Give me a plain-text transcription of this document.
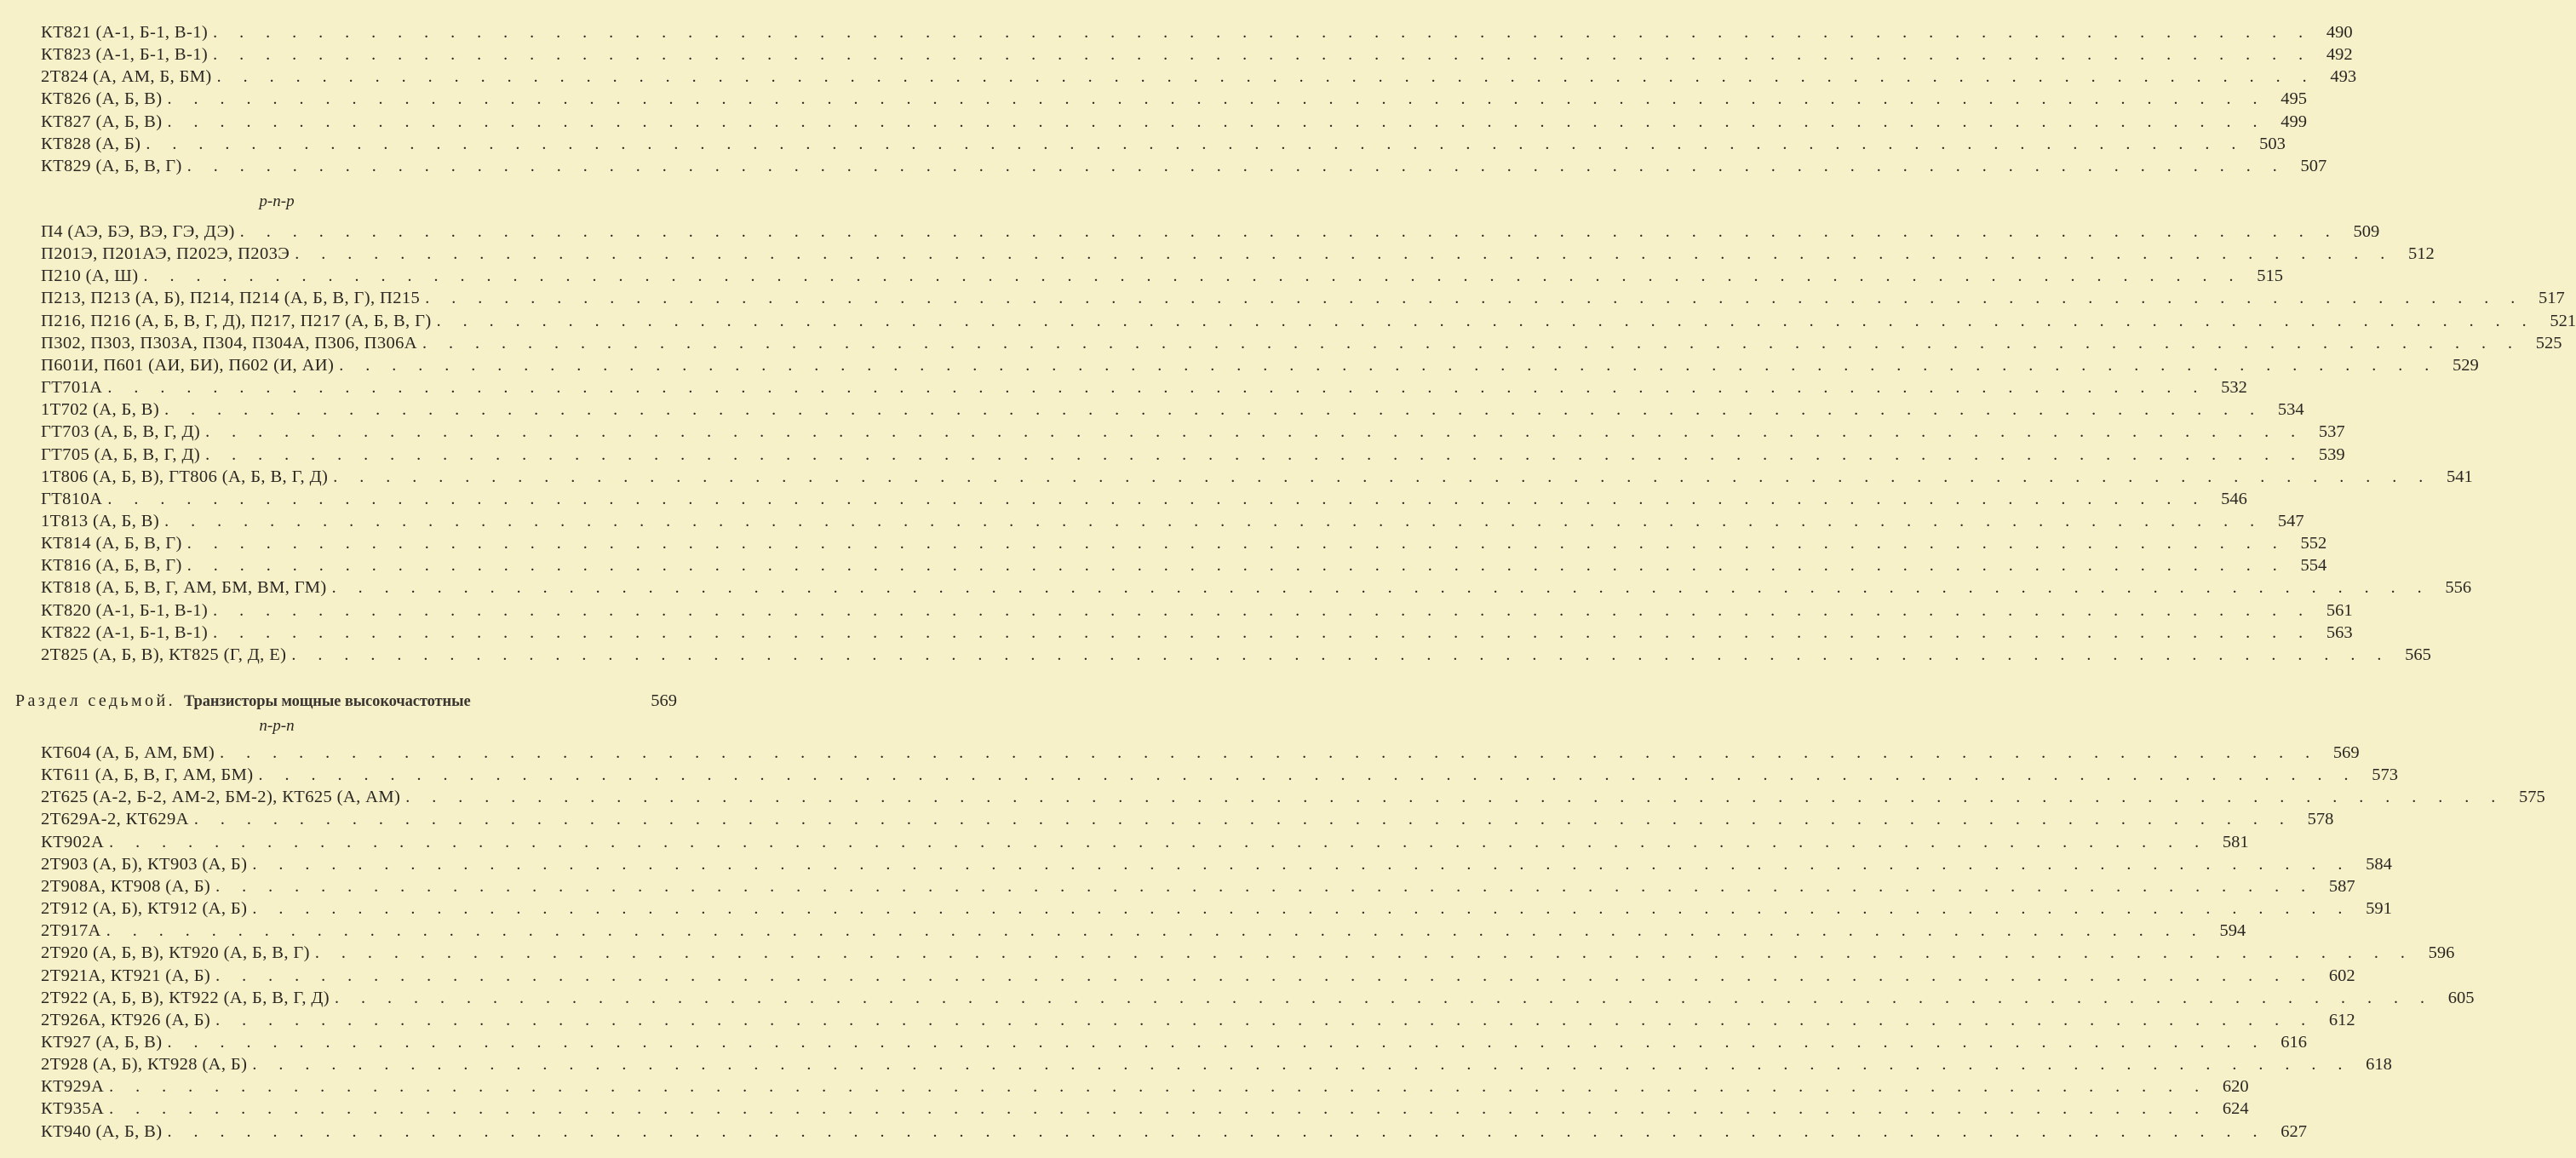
КТ821 (А-1, Б-1, В-1) . . . . . . . . . . . . . . . . . . . . . . . . . . . . . . . . . . . . . . . . . . . . . . . . . . . . . . . . . . . . . . . . . . . . . . . . . . . . . . . . 490
КТ823 (А-1, Б-1, В-1) . . . . . . . . . . . . . . . . . . . . . . . . . . . . . . . . . . . . . . . . . . . . . . . . . . . . . . . . . . . . . . . . . . . . . . . . . . . . . . . . 492
2Т824 (А, АМ, Б, БМ) . . . . . . . . . . . . . . . . . . . . . . . . . . . . . . . . . . . . . . . . . . . . . . . . . . . . . . . . . . . . . . . . . . . . . . . . . . . . . . . . 493
КТ826 (А, Б, В) . . . . . . . . . . . . . . . . . . . . . . . . . . . . . . . . . . . . . . . . . . . . . . . . . . . . . . . . . . . . . . . . . . . . . . . . . . . . . . . . 495
КТ827 (А, Б, В) . . . . . . . . . . . . . . . . . . . . . . . . . . . . . . . . . . . . . . . . . . . . . . . . . . . . . . . . . . . . . . . . . . . . . . . . . . . . . . . . 499
КТ828 (А, Б) . . . . . . . . . . . . . . . . . . . . . . . . . . . . . . . . . . . . . . . . . . . . . . . . . . . . . . . . . . . . . . . . . . . . . . . . . . . . . . . . 503
КТ829 (А, Б, В, Г) . . . . . . . . . . . . . . . . . . . . . . . . . . . . . . . . . . . . . . . . . . . . . . . . . . . . . . . . . . . . . . . . . . . . . . . . . . . . . . . . 507
p-n-p
П4 (АЭ, БЭ, ВЭ, ГЭ, ДЭ) . . . . . . . . . . . . . . . . . . . . . . . . . . . . . . . . . . . . . . . . . . . . . . . . . . . . . . . . . . . . . . . . . . . . . . . . . . . . . . . . 509
П201Э, П201АЭ, П202Э, П203Э . . . . . . . . . . . . . . . . . . . . . . . . . . . . . . . . . . . . . . . . . . . . . . . . . . . . . . . . . . . . . . . . . . . . . . . . . . . . . . . . 512
П210 (А, Ш) . . . . . . . . . . . . . . . . . . . . . . . . . . . . . . . . . . . . . . . . . . . . . . . . . . . . . . . . . . . . . . . . . . . . . . . . . . . . . . . . 515
П213, П213 (А, Б), П214, П214 (А, Б, В, Г), П215 . . . . . . . . . . . . . . . . . . . . . . . . . . . . . . . . . . . . . . . . . . . . . . . . . . . . . . . . . . . . . . . . . . . . . . . . . . . . . . . . 517
П216, П216 (А, Б, В, Г, Д), П217, П217 (А, Б, В, Г) . . . . . . . . . . . . . . . . . . . . . . . . . . . . . . . . . . . . . . . . . . . . . . . . . . . . . . . . . . . . . . . . . . . . . . . . . . . . . . . . 521
П302, П303, П303А, П304, П304А, П306, П306А . . . . . . . . . . . . . . . . . . . . . . . . . . . . . . . . . . . . . . . . . . . . . . . . . . . . . . . . . . . . . . . . . . . . . . . . . . . . . . . . 525
П601И, П601 (АИ, БИ), П602 (И, АИ) . . . . . . . . . . . . . . . . . . . . . . . . . . . . . . . . . . . . . . . . . . . . . . . . . . . . . . . . . . . . . . . . . . . . . . . . . . . . . . . . 529
ГТ701А . . . . . . . . . . . . . . . . . . . . . . . . . . . . . . . . . . . . . . . . . . . . . . . . . . . . . . . . . . . . . . . . . . . . . . . . . . . . . . . . 532
1Т702 (А, Б, В) . . . . . . . . . . . . . . . . . . . . . . . . . . . . . . . . . . . . . . . . . . . . . . . . . . . . . . . . . . . . . . . . . . . . . . . . . . . . . . . . 534
ГТ703 (А, Б, В, Г, Д) . . . . . . . . . . . . . . . . . . . . . . . . . . . . . . . . . . . . . . . . . . . . . . . . . . . . . . . . . . . . . . . . . . . . . . . . . . . . . . . . 537
ГТ705 (А, Б, В, Г, Д) . . . . . . . . . . . . . . . . . . . . . . . . . . . . . . . . . . . . . . . . . . . . . . . . . . . . . . . . . . . . . . . . . . . . . . . . . . . . . . . . 539
1Т806 (А, Б, В), ГТ806 (А, Б, В, Г, Д) . . . . . . . . . . . . . . . . . . . . . . . . . . . . . . . . . . . . . . . . . . . . . . . . . . . . . . . . . . . . . . . . . . . . . . . . . . . . . . . . 541
ГТ810А . . . . . . . . . . . . . . . . . . . . . . . . . . . . . . . . . . . . . . . . . . . . . . . . . . . . . . . . . . . . . . . . . . . . . . . . . . . . . . . . 546
1Т813 (А, Б, В) . . . . . . . . . . . . . . . . . . . . . . . . . . . . . . . . . . . . . . . . . . . . . . . . . . . . . . . . . . . . . . . . . . . . . . . . . . . . . . . . 547
КТ814 (А, Б, В, Г) . . . . . . . . . . . . . . . . . . . . . . . . . . . . . . . . . . . . . . . . . . . . . . . . . . . . . . . . . . . . . . . . . . . . . . . . . . . . . . . . 552
КТ816 (А, Б, В, Г) . . . . . . . . . . . . . . . . . . . . . . . . . . . . . . . . . . . . . . . . . . . . . . . . . . . . . . . . . . . . . . . . . . . . . . . . . . . . . . . . 554
КТ818 (А, Б, В, Г, АМ, БМ, ВМ, ГМ) . . . . . . . . . . . . . . . . . . . . . . . . . . . . . . . . . . . . . . . . . . . . . . . . . . . . . . . . . . . . . . . . . . . . . . . . . . . . . . . . 556
КТ820 (А-1, Б-1, В-1) . . . . . . . . . . . . . . . . . . . . . . . . . . . . . . . . . . . . . . . . . . . . . . . . . . . . . . . . . . . . . . . . . . . . . . . . . . . . . . . . 561
КТ822 (А-1, Б-1, В-1) . . . . . . . . . . . . . . . . . . . . . . . . . . . . . . . . . . . . . . . . . . . . . . . . . . . . . . . . . . . . . . . . . . . . . . . . . . . . . . . . 563
2Т825 (А, Б, В), КТ825 (Г, Д, Е) . . . . . . . . . . . . . . . . . . . . . . . . . . . . . . . . . . . . . . . . . . . . . . . . . . . . . . . . . . . . . . . . . . . . . . . . . . . . . . . . 565
Раздел седьмой. Транзисторы мощные высокочастотные	569
n-p-n
КТ604 (А, Б, АМ, БМ) . . . . . . . . . . . . . . . . . . . . . . . . . . . . . . . . . . . . . . . . . . . . . . . . . . . . . . . . . . . . . . . . . . . . . . . . . . . . . . . . 569
КТ611 (А, Б, В, Г, АМ, БМ) . . . . . . . . . . . . . . . . . . . . . . . . . . . . . . . . . . . . . . . . . . . . . . . . . . . . . . . . . . . . . . . . . . . . . . . . . . . . . . . . 573
2Т625 (А-2, Б-2, АМ-2, БМ-2), КТ625 (А, АМ) . . . . . . . . . . . . . . . . . . . . . . . . . . . . . . . . . . . . . . . . . . . . . . . . . . . . . . . . . . . . . . . . . . . . . . . . . . . . . . . . 575
2Т629А-2, КТ629А . . . . . . . . . . . . . . . . . . . . . . . . . . . . . . . . . . . . . . . . . . . . . . . . . . . . . . . . . . . . . . . . . . . . . . . . . . . . . . . . 578
КТ902А . . . . . . . . . . . . . . . . . . . . . . . . . . . . . . . . . . . . . . . . . . . . . . . . . . . . . . . . . . . . . . . . . . . . . . . . . . . . . . . . 581
2Т903 (А, Б), КТ903 (А, Б) . . . . . . . . . . . . . . . . . . . . . . . . . . . . . . . . . . . . . . . . . . . . . . . . . . . . . . . . . . . . . . . . . . . . . . . . . . . . . . . . 584
2Т908А, КТ908 (А, Б) . . . . . . . . . . . . . . . . . . . . . . . . . . . . . . . . . . . . . . . . . . . . . . . . . . . . . . . . . . . . . . . . . . . . . . . . . . . . . . . . 587
2Т912 (А, Б), КТ912 (А, Б) . . . . . . . . . . . . . . . . . . . . . . . . . . . . . . . . . . . . . . . . . . . . . . . . . . . . . . . . . . . . . . . . . . . . . . . . . . . . . . . . 591
2Т917А . . . . . . . . . . . . . . . . . . . . . . . . . . . . . . . . . . . . . . . . . . . . . . . . . . . . . . . . . . . . . . . . . . . . . . . . . . . . . . . . 594
2Т920 (А, Б, В), КТ920 (А, Б, В, Г) . . . . . . . . . . . . . . . . . . . . . . . . . . . . . . . . . . . . . . . . . . . . . . . . . . . . . . . . . . . . . . . . . . . . . . . . . . . . . . . . 596
2Т921А, КТ921 (А, Б) . . . . . . . . . . . . . . . . . . . . . . . . . . . . . . . . . . . . . . . . . . . . . . . . . . . . . . . . . . . . . . . . . . . . . . . . . . . . . . . . 602
2Т922 (А, Б, В), КТ922 (А, Б, В, Г, Д) . . . . . . . . . . . . . . . . . . . . . . . . . . . . . . . . . . . . . . . . . . . . . . . . . . . . . . . . . . . . . . . . . . . . . . . . . . . . . . . . 605
2Т926А, КТ926 (А, Б) . . . . . . . . . . . . . . . . . . . . . . . . . . . . . . . . . . . . . . . . . . . . . . . . . . . . . . . . . . . . . . . . . . . . . . . . . . . . . . . . 612
КТ927 (А, Б, В) . . . . . . . . . . . . . . . . . . . . . . . . . . . . . . . . . . . . . . . . . . . . . . . . . . . . . . . . . . . . . . . . . . . . . . . . . . . . . . . . 616
2Т928 (А, Б), КТ928 (А, Б) . . . . . . . . . . . . . . . . . . . . . . . . . . . . . . . . . . . . . . . . . . . . . . . . . . . . . . . . . . . . . . . . . . . . . . . . . . . . . . . . 618
КТ929А . . . . . . . . . . . . . . . . . . . . . . . . . . . . . . . . . . . . . . . . . . . . . . . . . . . . . . . . . . . . . . . . . . . . . . . . . . . . . . . . 620
КТ935А . . . . . . . . . . . . . . . . . . . . . . . . . . . . . . . . . . . . . . . . . . . . . . . . . . . . . . . . . . . . . . . . . . . . . . . . . . . . . . . . 624
КТ940 (А, Б, В) . . . . . . . . . . . . . . . . . . . . . . . . . . . . . . . . . . . . . . . . . . . . . . . . . . . . . . . . . . . . . . . . . . . . . . . . . . . . . . . . 627
